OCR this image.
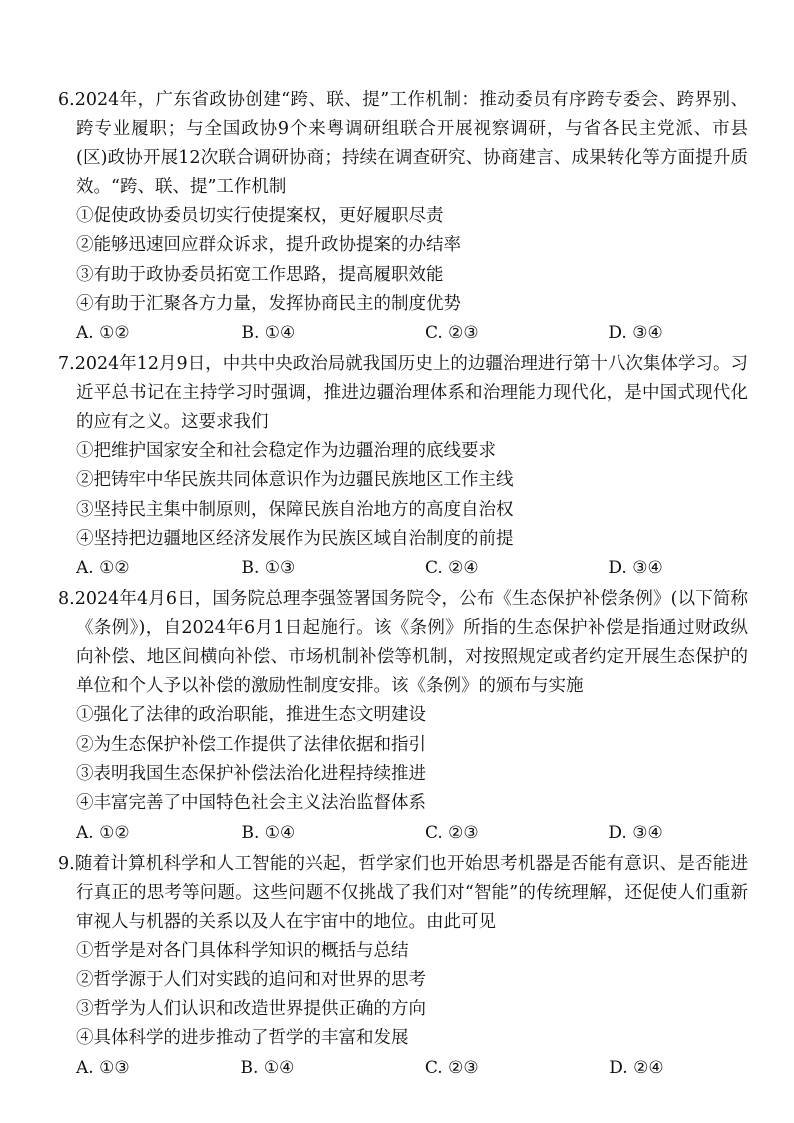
6.2024年，广东省政协创建“跨、联、提”工作机制：推动委员有序跨专委会、跨界别、跨专业履职；与全国政协9个来粤调研组联合开展视察调研，与省各民主党派、市县(区)政协开展12次联合调研协商；持续在调查研究、协商建言、成果转化等方面提升质效。“跨、联、提”工作机制

①促使政协委员切实行使提案权，更好履职尽责

②能够迅速回应群众诉求，提升政协提案的办结率

③有助于政协委员拓宽工作思路，提高履职效能

④有助于汇聚各方力量，发挥协商民主的制度优势

A. ①②	B. ①④	C. ②③	D. ③④

7.2024年12月9日，中共中央政治局就我国历史上的边疆治理进行第十八次集体学习。习近平总书记在主持学习时强调，推进边疆治理体系和治理能力现代化，是中国式现代化的应有之义。这要求我们

①把维护国家安全和社会稳定作为边疆治理的底线要求

②把铸牢中华民族共同体意识作为边疆民族地区工作主线

③坚持民主集中制原则，保障民族自治地方的高度自治权

④坚持把边疆地区经济发展作为民族区域自治制度的前提

A. ①②	B. ①③	C. ②④	D. ③④

8.2024年4月6日，国务院总理李强签署国务院令，公布《生态保护补偿条例》(以下简称《条例》)，自2024年6月1日起施行。该《条例》所指的生态保护补偿是指通过财政纵向补偿、地区间横向补偿、市场机制补偿等机制，对按照规定或者约定开展生态保护的单位和个人予以补偿的激励性制度安排。该《条例》的颁布与实施

①强化了法律的政治职能，推进生态文明建设

②为生态保护补偿工作提供了法律依据和指引

③表明我国生态保护补偿法治化进程持续推进

④丰富完善了中国特色社会主义法治监督体系

A. ①②	B. ①④	C. ②③	D. ③④

9.随着计算机科学和人工智能的兴起，哲学家们也开始思考机器是否能有意识、是否能进行真正的思考等问题。这些问题不仅挑战了我们对“智能”的传统理解，还促使人们重新审视人与机器的关系以及人在宇宙中的地位。由此可见

①哲学是对各门具体科学知识的概括与总结

②哲学源于人们对实践的追问和对世界的思考

③哲学为人们认识和改造世界提供正确的方向

④具体科学的进步推动了哲学的丰富和发展

A. ①③	B. ①④	C. ②③	D. ②④
